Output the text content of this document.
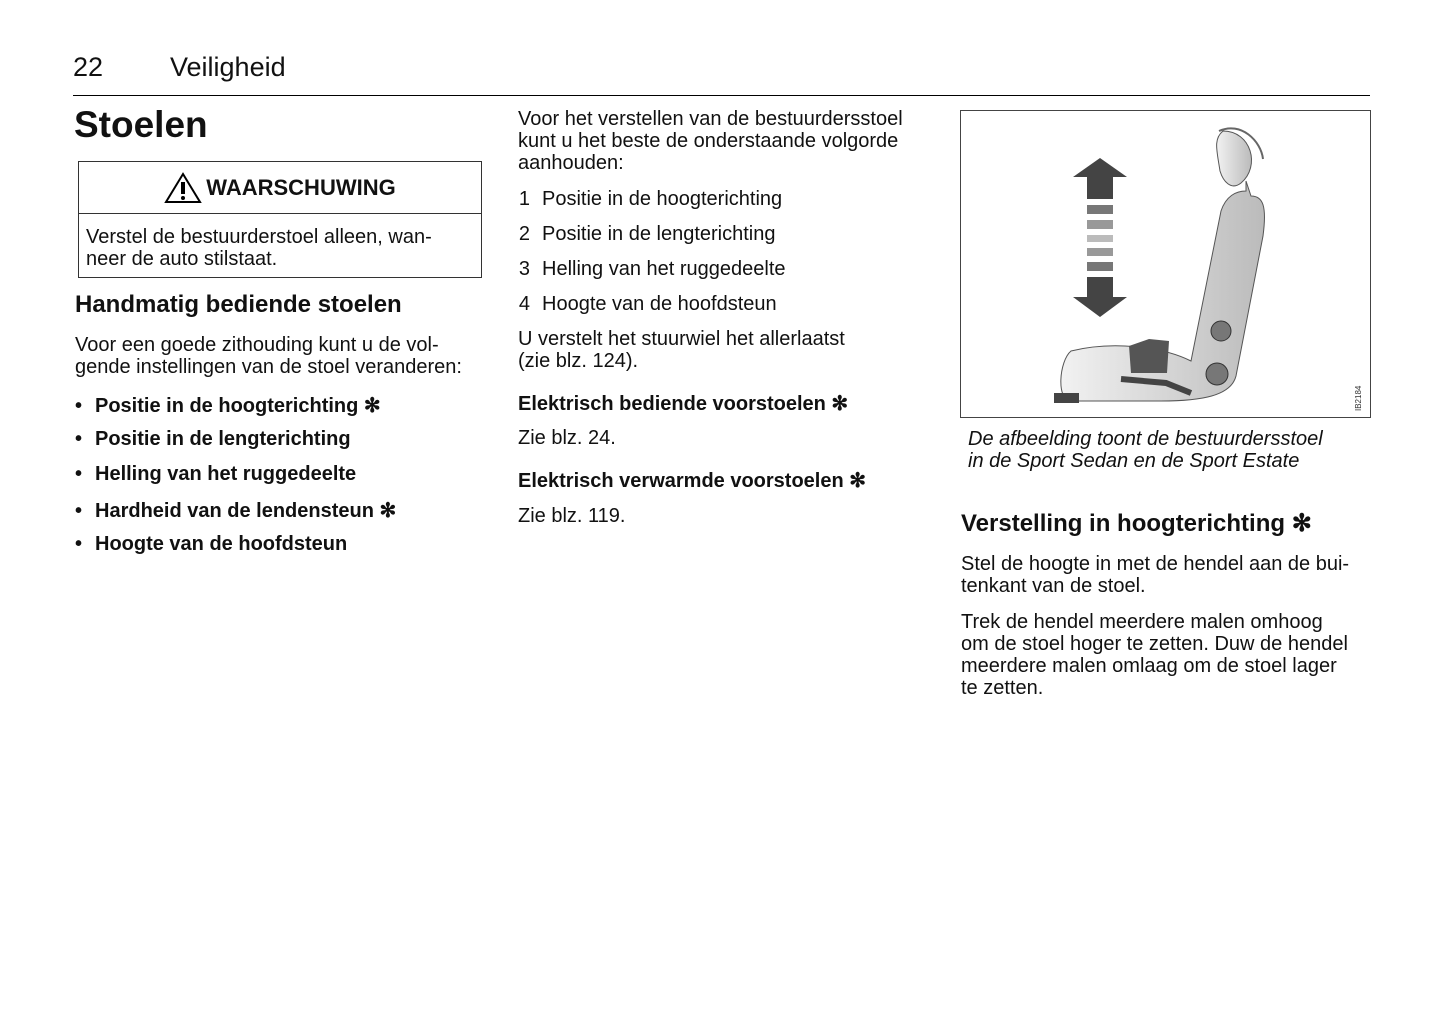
22 Veiligheid
Stoelen
WAARSCHUWING
Verstel de bestuurderstoel alleen, wan-
neer de auto stilstaat.
Handmatig bediende stoelen
Voor een goede zithouding kunt u de vol-
gende instellingen van de stoel veranderen:
• Positie in de hoogterichting ✻
• Positie in de lengterichting
• Helling van het ruggedeelte
• Hardheid van de lendensteun ✻
• Hoogte van de hoofdsteun
Voor het verstellen van de bestuurdersstoel
kunt u het beste de onderstaande volgorde
aanhouden:
1 Positie in de hoogterichting
2 Positie in de lengterichting
3 Helling van het ruggedeelte
4 Hoogte van de hoofdsteun
U verstelt het stuurwiel het allerlaatst
(zie blz. 124).
Elektrisch bediende voorstoelen ✻
Zie blz. 24.
Elektrisch verwarmde voorstoelen ✻
Zie blz. 119.
IB2184
De afbeelding toont de bestuurdersstoel
in de Sport Sedan en de Sport Estate
Verstelling in hoogterichting ✻
Stel de hoogte in met de hendel aan de bui-
tenkant van de stoel.
Trek de hendel meerdere malen omhoog
om de stoel hoger te zetten. Duw de hendel
meerdere malen omlaag om de stoel lager
te zetten.
